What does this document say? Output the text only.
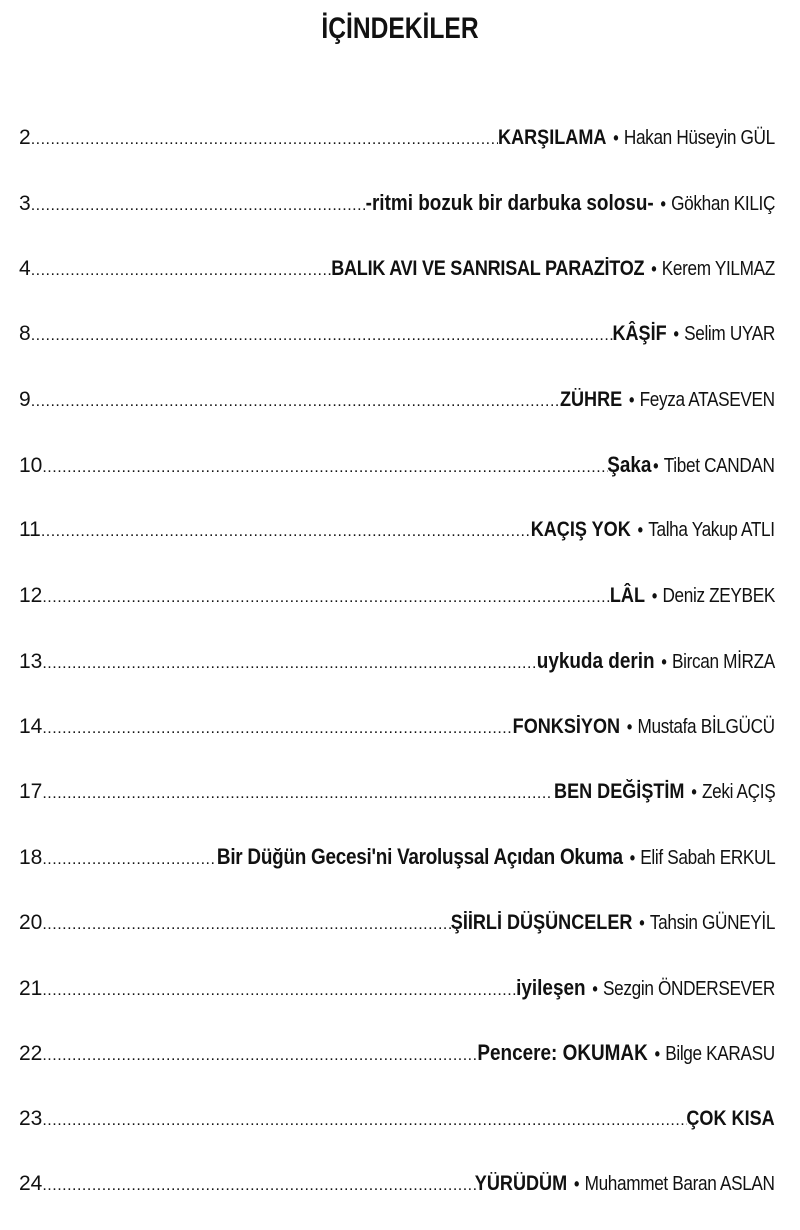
İÇİNDEKİLER
2 .....	KARŞILAMA • Hakan Hüseyin GÜL
3 .....	-ritmi bozuk bir darbuka solosu- • Gökhan KILIÇ
4 .....	BALIK AVI VE SANRISAL PARAZİTOZ • Kerem YILMAZ
8 .....	KÂŞİF • Selim UYAR
9 .....	ZÜHRE • Feyza ATASEVEN
10 .....	Şaka• Tibet CANDAN
11 .....	KAÇIŞ YOK • Talha Yakup ATLI
12 .....	LÂL • Deniz ZEYBEK
13 .....	uykuda derin • Bircan MİRZA
14 .....	FONKSİYON • Mustafa BİLGÜCÜ
17 .....	BEN DEĞİŞTİM • Zeki AÇIŞ
18 .....	Bir Düğün Gecesi'ni Varoluşsal Açıdan Okuma • Elif Sabah ERKUL
20 .....	ŞİİRLİ DÜŞÜNCELER • Tahsin GÜNEYİL
21 .....	iyileşen • Sezgin ÖNDERSEVER
22 .....	Pencere: OKUMAK • Bilge KARASU
23 .....	ÇOK KISA
24 .....	YÜRÜDÜM • Muhammet Baran ASLAN
